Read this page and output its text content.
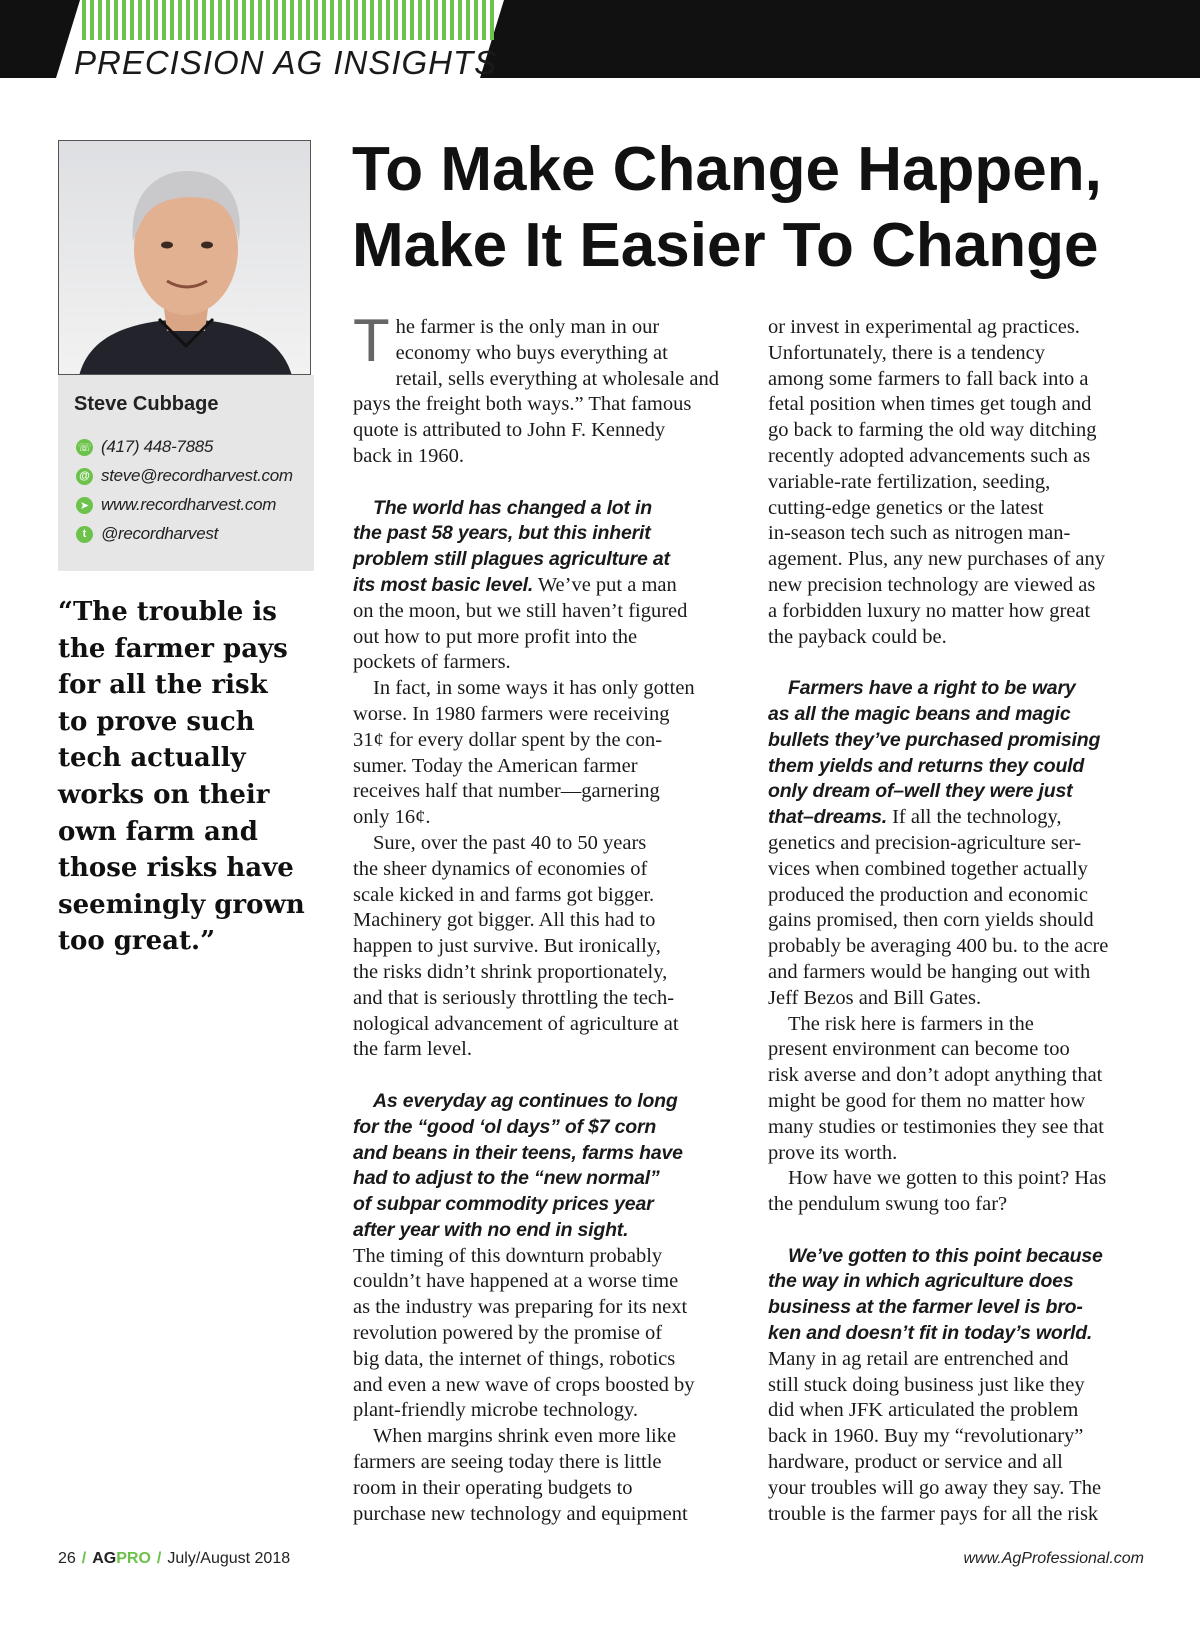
PRECISION AG INSIGHTS
To Make Change Happen,
Make It Easier To Change
Steve Cubbage
☏ (417) 448-7885
@ steve@recordharvest.com
➤ www.recordharvest.com
t @recordharvest
“The trouble is
the farmer pays
for all the risk
to prove such
tech actually
works on their
own farm and
those risks have
seemingly grown
too great.”
T he farmer is the only man in our
economy who buys everything at
retail, sells everything at wholesale and
pays the freight both ways.” That famous
quote is attributed to John F. Kennedy
back in 1960.
The world has changed a lot in
the past 58 years, but this inherit
problem still plagues agriculture at
its most basic level. We’ve put a man
on the moon, but we still haven’t figured
out how to put more profit into the
pockets of farmers.
In fact, in some ways it has only gotten
worse. In 1980 farmers were receiving
31¢ for every dollar spent by the con-
sumer. Today the American farmer
receives half that number—garnering
only 16¢.
Sure, over the past 40 to 50 years
the sheer dynamics of economies of
scale kicked in and farms got bigger.
Machinery got bigger. All this had to
happen to just survive. But ironically,
the risks didn’t shrink proportionately,
and that is seriously throttling the tech-
nological advancement of agriculture at
the farm level.
As everyday ag continues to long
for the “good ‘ol days” of $7 corn
and beans in their teens, farms have
had to adjust to the “new normal”
of subpar commodity prices year
after year with no end in sight.
The timing of this downturn probably
couldn’t have happened at a worse time
as the industry was preparing for its next
revolution powered by the promise of
big data, the internet of things, robotics
and even a new wave of crops boosted by
plant-friendly microbe technology.
When margins shrink even more like
farmers are seeing today there is little
room in their operating budgets to
purchase new technology and equipment
or invest in experimental ag practices.
Unfortunately, there is a tendency
among some farmers to fall back into a
fetal position when times get tough and
go back to farming the old way ditching
recently adopted advancements such as
variable-rate fertilization, seeding,
cutting-edge genetics or the latest
in-season tech such as nitrogen man-
agement. Plus, any new purchases of any
new precision technology are viewed as
a forbidden luxury no matter how great
the payback could be.
Farmers have a right to be wary
as all the magic beans and magic
bullets they’ve purchased promising
them yields and returns they could
only dream of–well they were just
that–dreams. If all the technology,
genetics and precision-agriculture ser-
vices when combined together actually
produced the production and economic
gains promised, then corn yields should
probably be averaging 400 bu. to the acre
and farmers would be hanging out with
Jeff Bezos and Bill Gates.
The risk here is farmers in the
present environment can become too
risk averse and don’t adopt anything that
might be good for them no matter how
many studies or testimonies they see that
prove its worth.
How have we gotten to this point? Has
the pendulum swung too far?
We’ve gotten to this point because
the way in which agriculture does
business at the farmer level is bro-
ken and doesn’t fit in today’s world.
Many in ag retail are entrenched and
still stuck doing business just like they
did when JFK articulated the problem
back in 1960. Buy my “revolutionary”
hardware, product or service and all
your troubles will go away they say. The
trouble is the farmer pays for all the risk
26 / AGPRO / July/August 2018	www.AgProfessional.com
